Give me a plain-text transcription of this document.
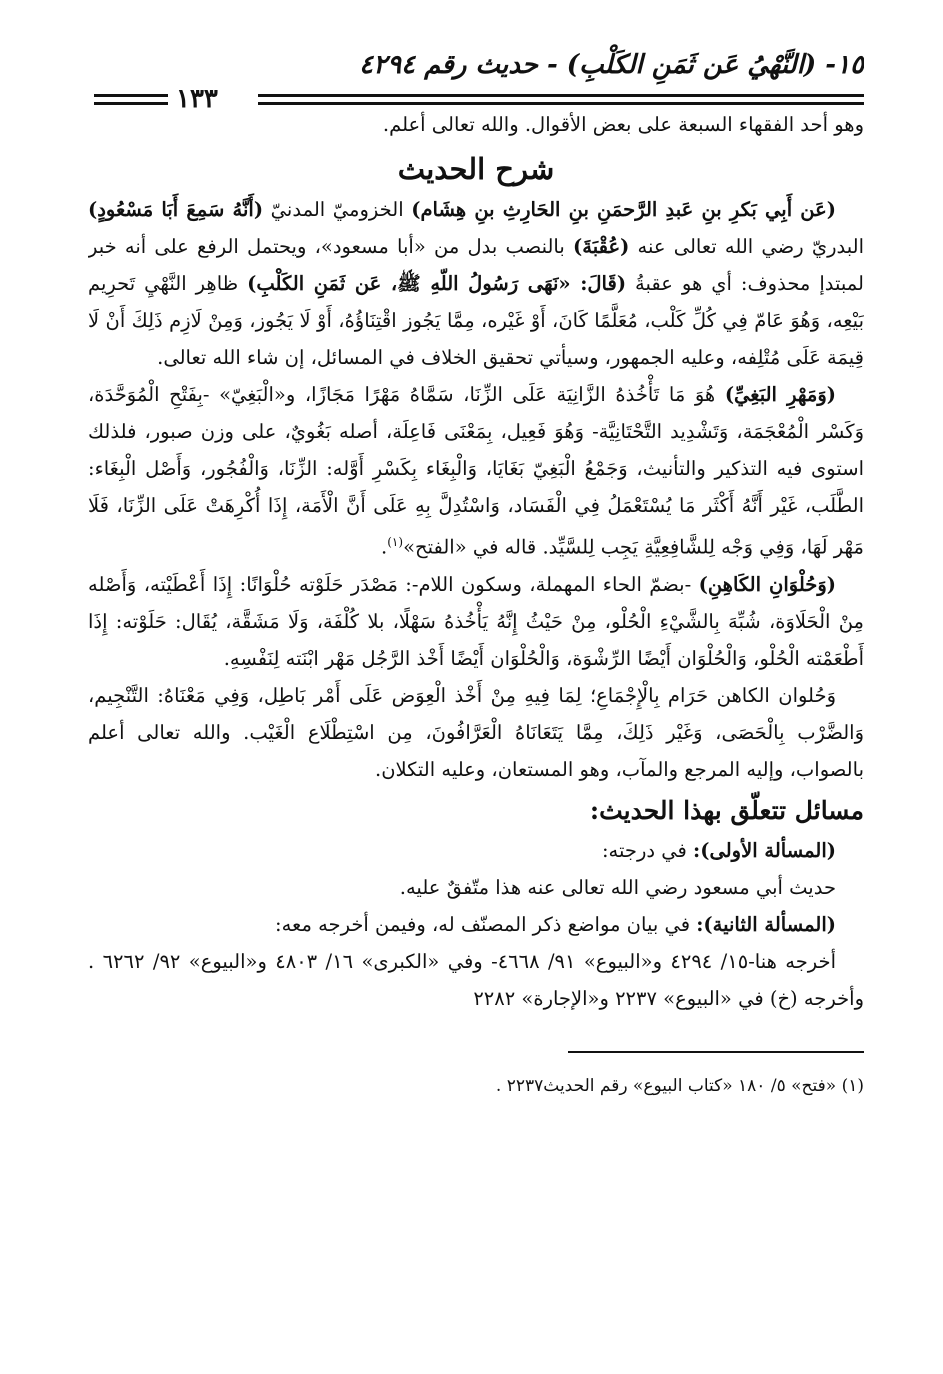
١٥- (النَّهْيُ عَن ثَمَنِ الكَلْبِ) - حديث رقم ٤٢٩٤
١٣٣

وهو أحد الفقهاء السبعة على بعض الأقوال. والله تعالى أعلم.

شرح الحديث

(عَن أَبِي بَكرِ بنِ عَبدِ الرَّحمَنِ بنِ الحَارِثِ بنِ هِشَام) الخزوميّ المدنيّ (أَنَّهُ سَمِعَ أَبَا مَسْعُودٍ) البدريّ رضي الله تعالى عنه (عُقْبَةَ) بالنصب بدل من «أبا مسعود»، ويحتمل الرفع على أنه خبر لمبتدإ محذوف: أي هو عقبةُ (قَالَ: «نَهَى رَسُولُ اللّهِ ﷺ، عَن ثَمَنِ الكَلْبِ) ظاهِر النَّهْيِ تَحرِيم بَيْعِه، وَهُوَ عَامّ فِي كُلِّ كَلْب، مُعَلَّمًا كَانَ، أَوْ غَيْره، مِمَّا يَجُوز اقْتِنَاؤُهُ، أَوْ لَا يَجُوز، وَمِنْ لَازِم ذَلِكَ أَنْ لَا قِيمَة عَلَى مُتْلِفه، وعليه الجمهور، وسيأتي تحقيق الخلاف في المسائل، إن شاء الله تعالى.

(وَمَهْرِ البَغِيِّ) هُوَ مَا تَأْخُذهُ الزَّانِيَة عَلَى الزِّنَا، سَمَّاهُ مَهْرًا مَجَازًا، و«الْبَغِيّ» -بِفَتْحِ الْمُوَحَّدَة، وَكَسْر الْمُعْجَمَة، وَتَشْدِيد التَّحْتَانِيَّة- وَهُوَ فَعِيل، بِمَعْنَى فَاعِلَة، أصله بَغُويٌ، على وزن صبور، فلذلك استوى فيه التذكير والتأنيث، وَجَمْعُ الْبَغِيّ بَغَايَا، وَالْبِغَاء بِكَسْرِ أَوَّله: الزِّنَا، وَالْفُجُور، وَأَصْل الْبِغَاء: الطَّلَب، غَيْر أَنَّهُ أَكْثَر مَا يُسْتَعْمَلُ فِي الْفَسَاد، وَاسْتُدِلَّ بِهِ عَلَى أَنَّ الْأَمَة، إِذَا أُكْرِهَتْ عَلَى الزِّنَا، فَلَا مَهْر لَهَا، وَفِي وَجْه لِلشَّافِعِيَّةِ يَجِب لِلسَّيِّد. قاله في «الفتح»$^{(١)}$.

(وَحُلْوَانِ الكَاهِنِ) -بضمّ الحاء المهملة، وسكون اللام-: مَصْدَر حَلَوْته حُلْوَانًا: إِذَا أَعْطَيْته، وَأَصْله مِنْ الْحَلَاوَة، شُبِّهَ بِالشَّيْءِ الْحُلْو، مِنْ حَيْثُ إِنَّهُ يَأْخُذهُ سَهْلًا، بلا كُلْفَة، وَلَا مَشَقَّة، يُقَال: حَلَوْته: إِذَا أَطْعَمْته الْحُلْو، وَالْحُلْوَان أَيْضًا الرِّشْوَة، وَالْحُلْوَان أَيْضًا أَخْذ الرَّجُل مَهْر ابْنَته لِنَفْسِهِ.

وَحُلوان الكاهن حَرَام بِالْإِجْمَاعِ؛ لِمَا فِيهِ مِنْ أَخْذ الْعِوَض عَلَى أَمْر بَاطِل، وَفِي مَعْنَاهُ: التَّنْجِيم، وَالضَّرْب بِالْحَصَى، وَغَيْر ذَلِكَ، مِمَّا يَتَعَانَاهُ الْعَرَّافُونَ، مِن اسْتِطْلَاع الْغَيْب. والله تعالى أعلم بالصواب، وإليه المرجع والمآب، وهو المستعان، وعليه التكلان.

مسائل تتعلّق بهذا الحديث:

(المسألة الأولى): في درجته:

حديث أبي مسعود رضي الله تعالى عنه هذا متّفقٌ عليه.

(المسألة الثانية): في بيان مواضع ذكر المصنّف له، وفيمن أخرجه معه:

أخرجه هنا-١٥/ ٤٢٩٤ و«البيوع» ٩١/ ٤٦٦٨- وفي «الكبرى» ١٦/ ٤٨٠٣ و«البيوع» ٩٢/ ٦٢٦٢ . وأخرجه (خ) في «البيوع» ٢٢٣٧ و«الإجارة» ٢٢٨٢

(١) «فتح» ٥/ ١٨٠ «كتاب البيوع» رقم الحديث٢٢٣٧ .
